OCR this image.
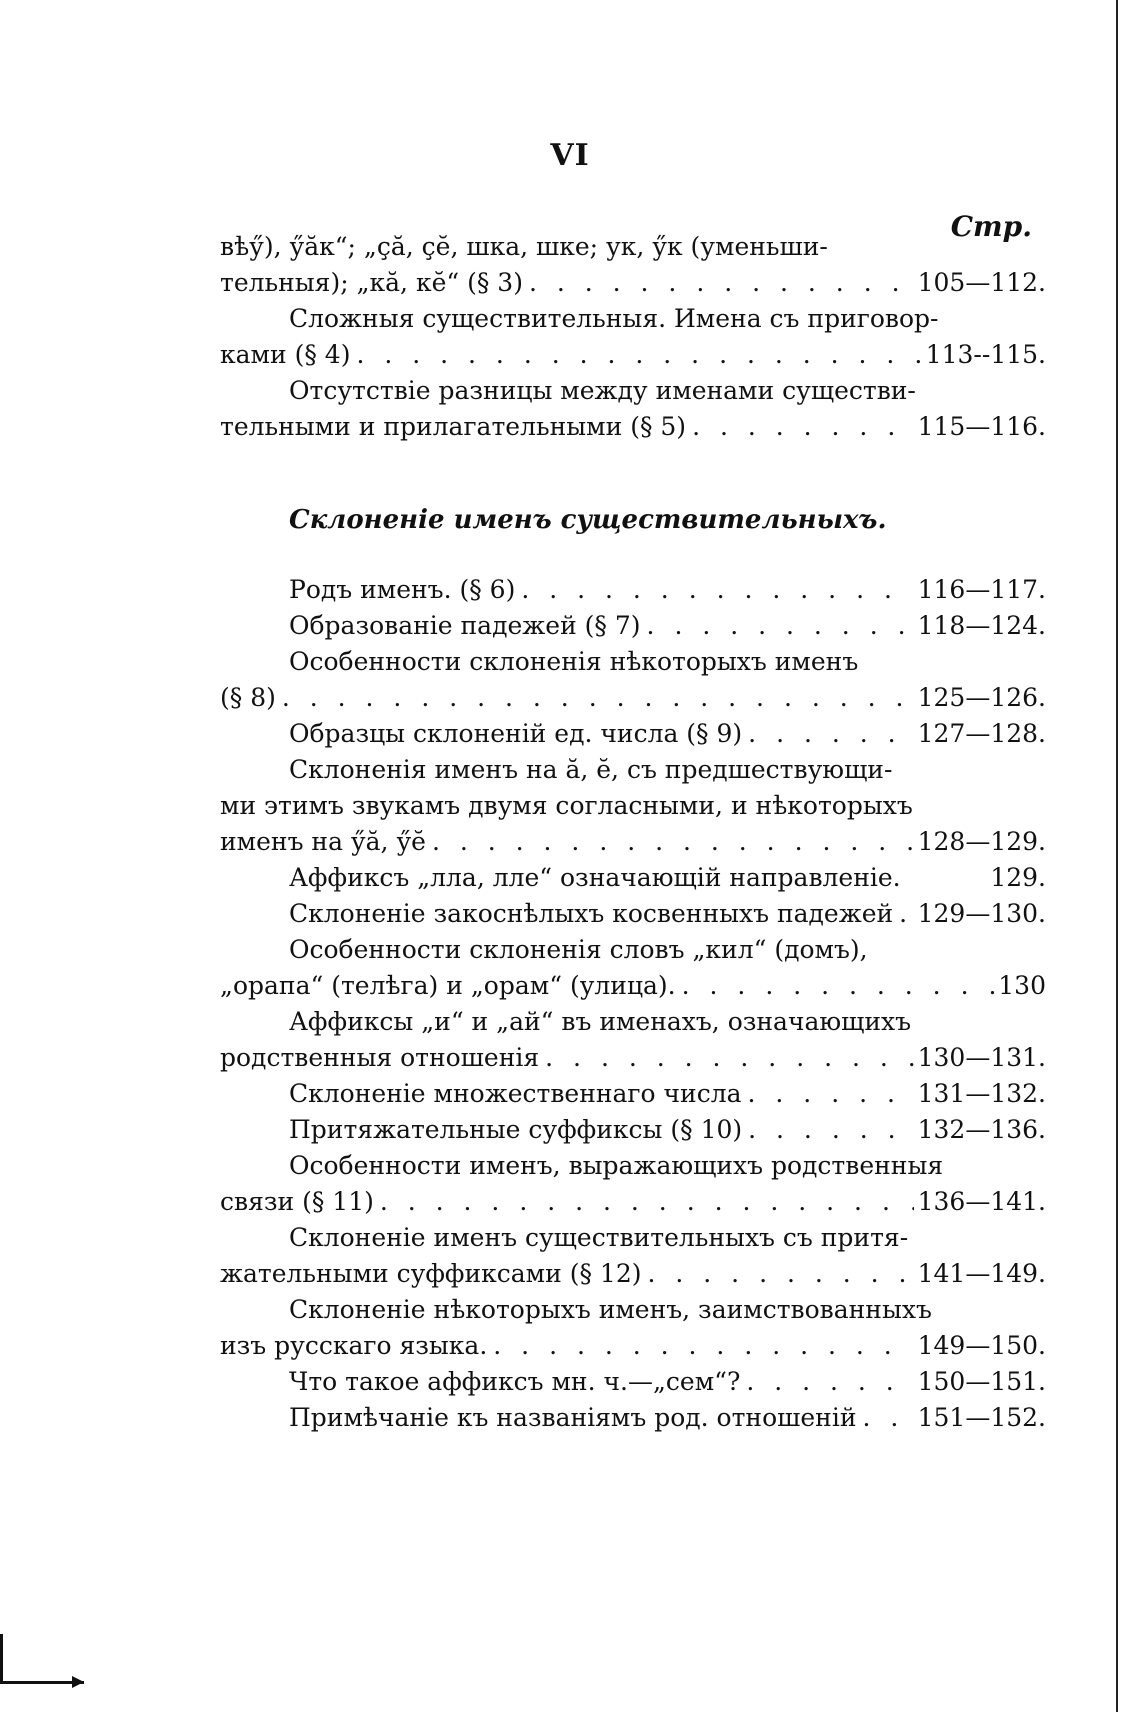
VI
Стр.
вѣӳ), ӳӑк“; „ҫӑ, ҫӗ, шка, шке; ук, ӳк (уменьши-
тельныя); „кӑ, кӗ“ (§ 3) . . .	105—112.
Сложныя существительныя. Имена съ приговор-
ками (§ 4) . . .	113--115.
Отсутствіе разницы между именами существи-
тельными и прилагательными (§ 5) . . .	115—116.
Склоненіе именъ существительныхъ.
Родъ именъ. (§ 6) . . .	116—117.
Образованіе падежей (§ 7) . . .	118—124.
Особенности склоненія нѣкоторыхъ именъ
(§ 8) . . .	125—126.
Образцы склоненій ед. числа (§ 9) . . .	127—128.
Склоненія именъ на ӑ, ӗ, съ предшествующи-
ми этимъ звукамъ двумя согласными, и нѣкоторыхъ
именъ на ӳӑ, ӳӗ . . .	128—129.
Аффиксъ „лла, лле“ означающій направленіе.	129.
Склоненіе закоснѣлыхъ косвенныхъ падежей . . . 129—130.
Особенности склоненія словъ „кил“ (домъ),
„орапа“ (телѣга) и „орам“ (улица). . . .	130
Аффиксы „и“ и „ай“ въ именахъ, означающихъ
родственныя отношенія . . .	130—131.
Склоненіе множественнаго числа . . .	131—132.
Притяжательные суффиксы (§ 10) . . .	132—136.
Особенности именъ, выражающихъ родственныя
связи (§ 11) . . .	136—141.
Склоненіе именъ существительныхъ съ притя-
жательными суффиксами (§ 12) . . .	141—149.
Склоненіе нѣкоторыхъ именъ, заимствованныхъ
изъ русскаго языка. . . .	149—150.
Что такое аффиксъ мн. ч.—„сем“? . . .	150—151.
Примѣчаніе къ названіямъ род. отношеній . . . 151—152.
